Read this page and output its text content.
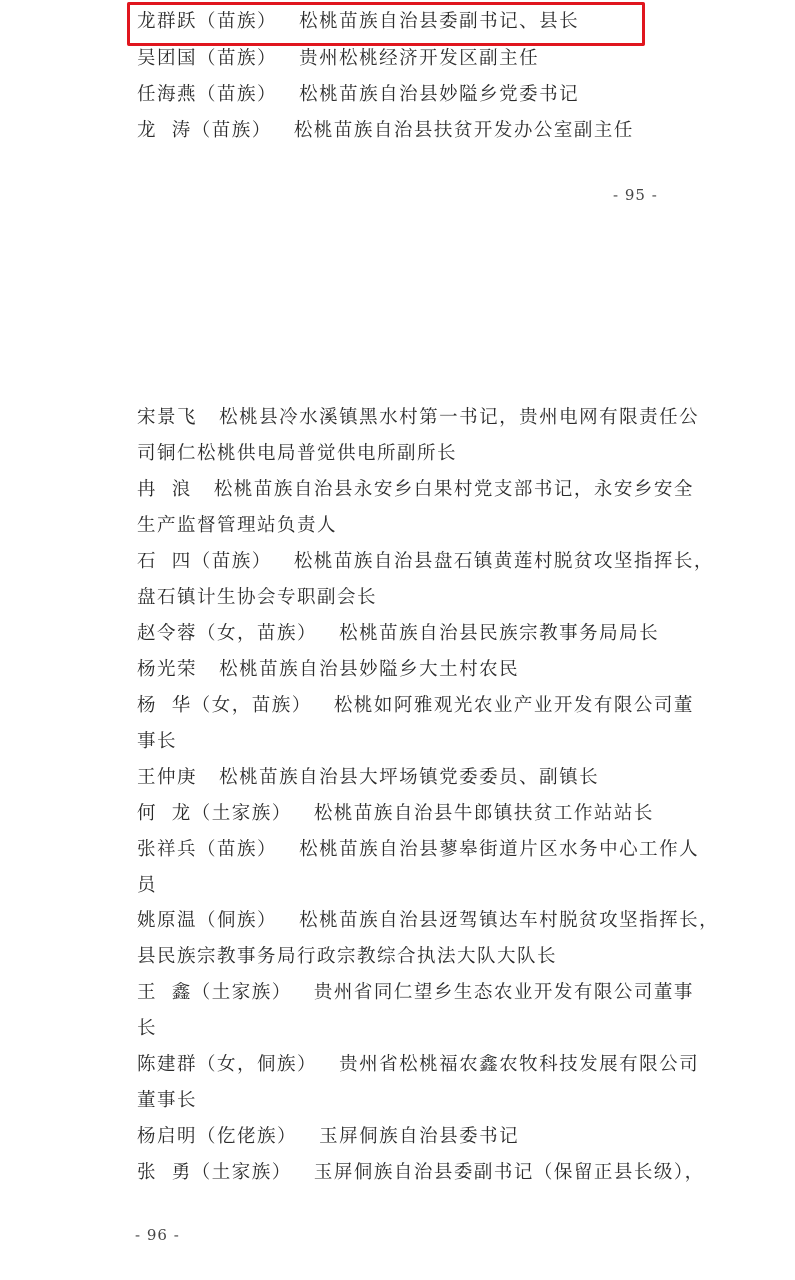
龙群跃（苗族）   松桃苗族自治县委副书记、县长
吴团国（苗族）   贵州松桃经济开发区副主任
任海燕（苗族）   松桃苗族自治县妙隘乡党委书记
龙  涛（苗族）   松桃苗族自治县扶贫开发办公室副主任
- 95 -
宋景飞   松桃县冷水溪镇黑水村第一书记，贵州电网有限责任公
司铜仁松桃供电局普觉供电所副所长
冉  浪   松桃苗族自治县永安乡白果村党支部书记，永安乡安全
生产监督管理站负责人
石  四（苗族）   松桃苗族自治县盘石镇黄莲村脱贫攻坚指挥长，
盘石镇计生协会专职副会长
赵令蓉（女，苗族）   松桃苗族自治县民族宗教事务局局长
杨光荣   松桃苗族自治县妙隘乡大土村农民
杨  华（女，苗族）   松桃如阿雅观光农业产业开发有限公司董
事长
王仲庚   松桃苗族自治县大坪场镇党委委员、副镇长
何  龙（土家族）   松桃苗族自治县牛郎镇扶贫工作站站长
张祥兵（苗族）   松桃苗族自治县蓼皋街道片区水务中心工作人
员
姚原温（侗族）   松桃苗族自治县迓驾镇达车村脱贫攻坚指挥长，
县民族宗教事务局行政宗教综合执法大队大队长
王  鑫（土家族）   贵州省同仁望乡生态农业开发有限公司董事
长
陈建群（女，侗族）   贵州省松桃福农鑫农牧科技发展有限公司
董事长
杨启明（仡佬族）   玉屏侗族自治县委书记
张  勇（土家族）   玉屏侗族自治县委副书记（保留正县长级），
- 96 -
